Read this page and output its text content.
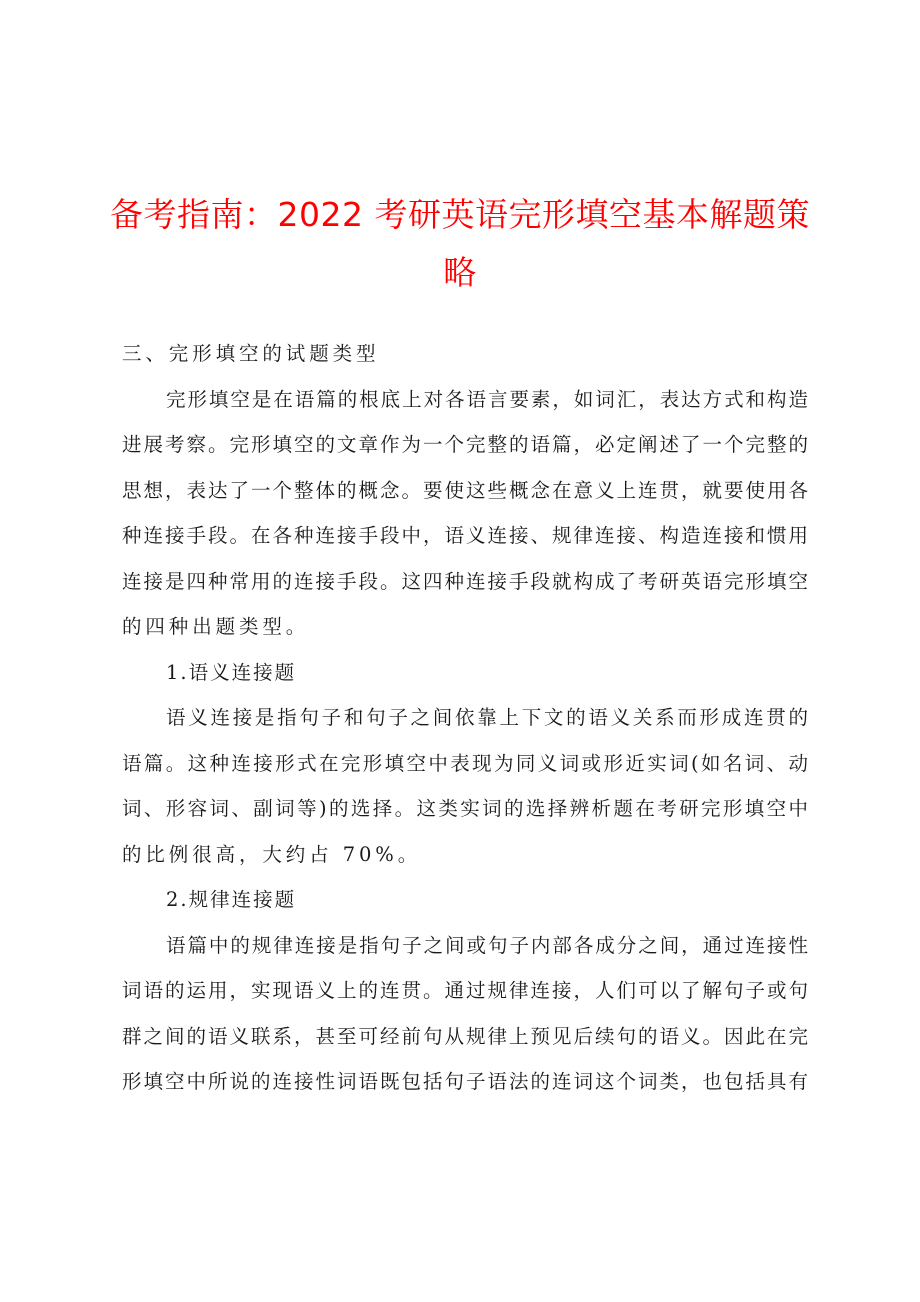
备考指南：2022 考研英语完形填空基本解题策
略
三、完形填空的试题类型
完形填空是在语篇的根底上对各语言要素，如词汇，表达方式和构造
进展考察。完形填空的文章作为一个完整的语篇，必定阐述了一个完整的
思想，表达了一个整体的概念。要使这些概念在意义上连贯，就要使用各
种连接手段。在各种连接手段中，语义连接、规律连接、构造连接和惯用
连接是四种常用的连接手段。这四种连接手段就构成了考研英语完形填空
的四种出题类型。
1.语义连接题
语义连接是指句子和句子之间依靠上下文的语义关系而形成连贯的
语篇。这种连接形式在完形填空中表现为同义词或形近实词(如名词、动
词、形容词、副词等)的选择。这类实词的选择辨析题在考研完形填空中
的比例很高，大约占 70%。
2.规律连接题
语篇中的规律连接是指句子之间或句子内部各成分之间，通过连接性
词语的运用，实现语义上的连贯。通过规律连接，人们可以了解句子或句
群之间的语义联系，甚至可经前句从规律上预见后续句的语义。因此在完
形填空中所说的连接性词语既包括句子语法的连词这个词类，也包括具有
